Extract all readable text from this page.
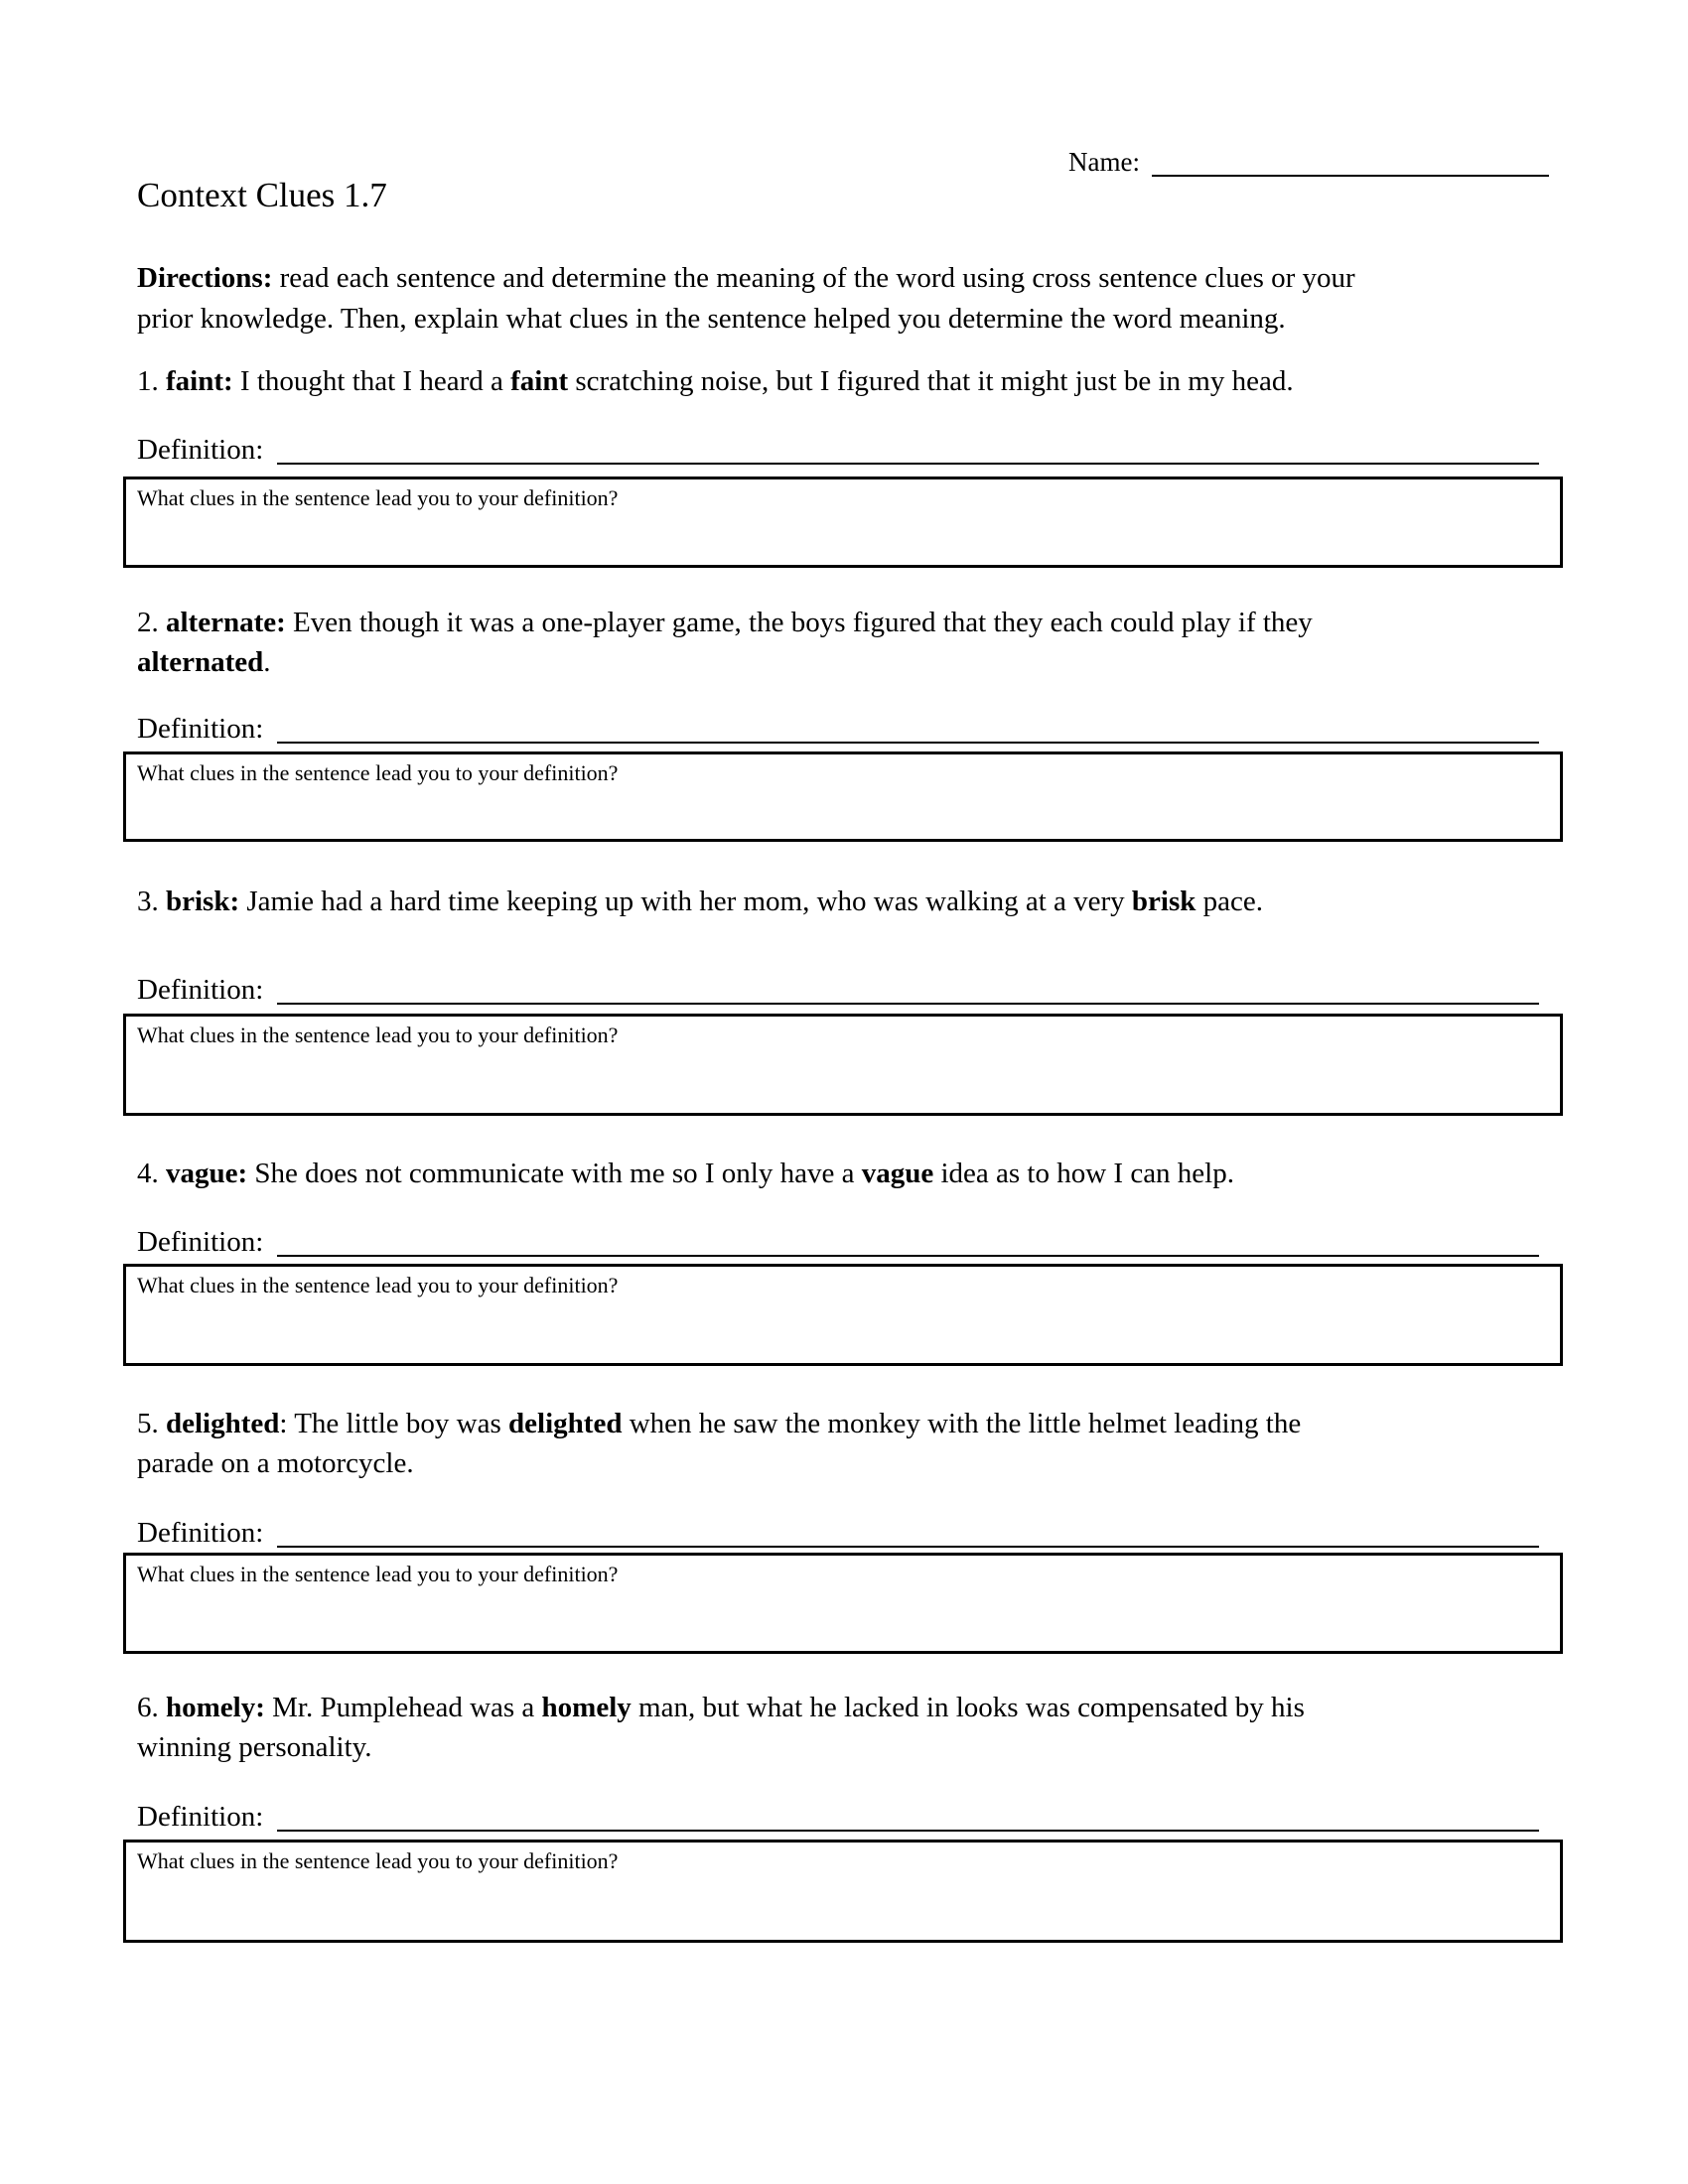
Name:
Context Clues 1.7

Directions: read each sentence and determine the meaning of the word using cross sentence clues or your
prior knowledge. Then, explain what clues in the sentence helped you determine the word meaning.

1. faint: I thought that I heard a faint scratching noise, but I figured that it might just be in my head.

Definition:
What clues in the sentence lead you to your definition?

2. alternate: Even though it was a one-player game, the boys figured that they each could play if they
alternated.

Definition:
What clues in the sentence lead you to your definition?

3. brisk: Jamie had a hard time keeping up with her mom, who was walking at a very brisk pace.

Definition:
What clues in the sentence lead you to your definition?

4. vague: She does not communicate with me so I only have a vague idea as to how I can help.

Definition:
What clues in the sentence lead you to your definition?

5. delighted: The little boy was delighted when he saw the monkey with the little helmet leading the
parade on a motorcycle.

Definition:
What clues in the sentence lead you to your definition?

6. homely: Mr. Pumplehead was a homely man, but what he lacked in looks was compensated by his
winning personality.

Definition:
What clues in the sentence lead you to your definition?
